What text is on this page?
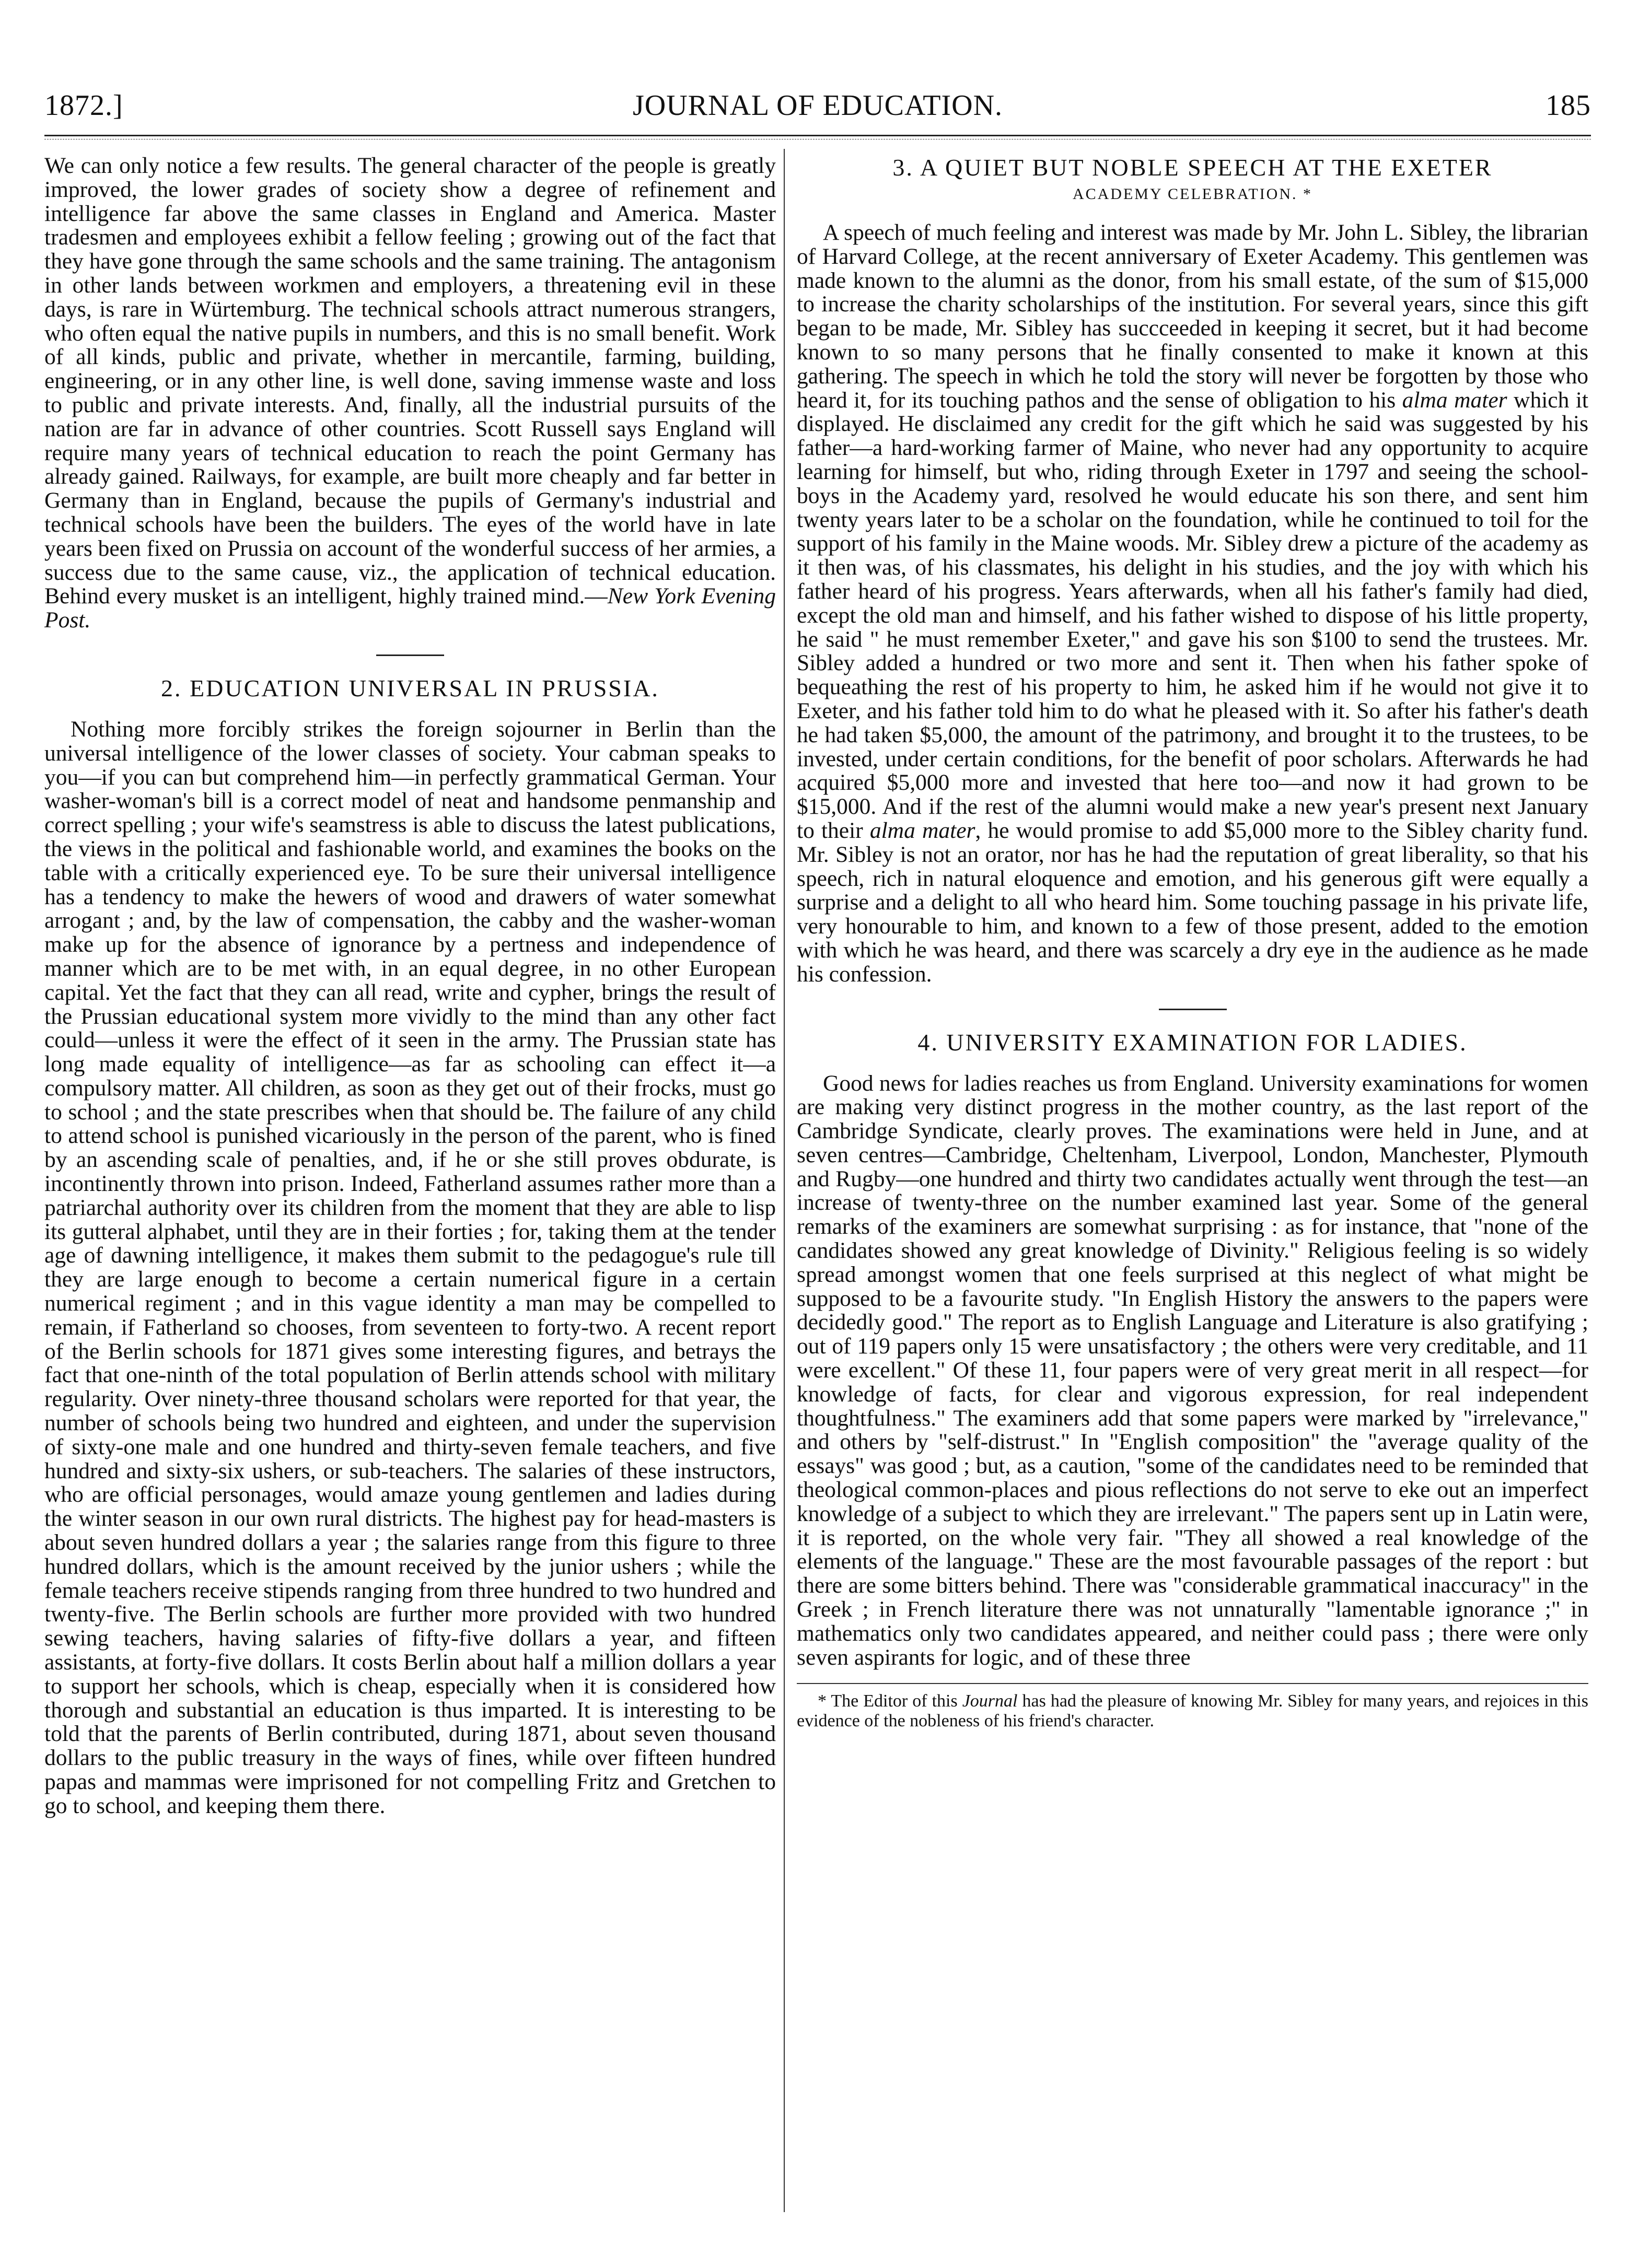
1872.]	JOURNAL OF EDUCATION.	185

We can only notice a few results. The general character of the people is greatly improved, the lower grades of society show a degree of refinement and intelligence far above the same classes in England and America. Master tradesmen and employees exhibit a fellow feeling ; growing out of the fact that they have gone through the same schools and the same training. The antagonism in other lands between workmen and employers, a threatening evil in these days, is rare in Würtemburg. The technical schools attract numerous strangers, who often equal the native pupils in numbers, and this is no small benefit. Work of all kinds, public and private, whether in mercantile, farming, building, engineering, or in any other line, is well done, saving immense waste and loss to public and private interests. And, finally, all the industrial pursuits of the nation are far in advance of other countries. Scott Russell says England will require many years of technical education to reach the point Germany has already gained. Railways, for example, are built more cheaply and far better in Germany than in England, because the pupils of Germany's industrial and technical schools have been the builders. The eyes of the world have in late years been fixed on Prussia on account of the wonderful success of her armies, a success due to the same cause, viz., the application of technical education. Behind every musket is an intelligent, highly trained mind.—New York Evening Post.

2. EDUCATION UNIVERSAL IN PRUSSIA.

Nothing more forcibly strikes the foreign sojourner in Berlin than the universal intelligence of the lower classes of society. Your cabman speaks to you—if you can but comprehend him—in perfectly grammatical German. Your washer-woman's bill is a correct model of neat and handsome penmanship and correct spelling ; your wife's seamstress is able to discuss the latest publications, the views in the political and fashionable world, and examines the books on the table with a critically experienced eye. To be sure their universal intelligence has a tendency to make the hewers of wood and drawers of water somewhat arrogant ; and, by the law of compensation, the cabby and the washer-woman make up for the absence of ignorance by a pertness and independence of manner which are to be met with, in an equal degree, in no other European capital. Yet the fact that they can all read, write and cypher, brings the result of the Prussian educational system more vividly to the mind than any other fact could—unless it were the effect of it seen in the army. The Prussian state has long made equality of intelligence—as far as schooling can effect it—a compulsory matter. All children, as soon as they get out of their frocks, must go to school ; and the state prescribes when that should be. The failure of any child to attend school is punished vicariously in the person of the parent, who is fined by an ascending scale of penalties, and, if he or she still proves obdurate, is incontinently thrown into prison. Indeed, Fatherland assumes rather more than a patriarchal authority over its children from the moment that they are able to lisp its gutteral alphabet, until they are in their forties ; for, taking them at the tender age of dawning intelligence, it makes them submit to the pedagogue's rule till they are large enough to become a certain numerical figure in a certain numerical regiment ; and in this vague identity a man may be compelled to remain, if Fatherland so chooses, from seventeen to forty-two. A recent report of the Berlin schools for 1871 gives some interesting figures, and betrays the fact that one-ninth of the total population of Berlin attends school with military regularity. Over ninety-three thousand scholars were reported for that year, the number of schools being two hundred and eighteen, and under the supervision of sixty-one male and one hundred and thirty-seven female teachers, and five hundred and sixty-six ushers, or sub-teachers. The salaries of these instructors, who are official personages, would amaze young gentlemen and ladies during the winter season in our own rural districts. The highest pay for head-masters is about seven hundred dollars a year ; the salaries range from this figure to three hundred dollars, which is the amount received by the junior ushers ; while the female teachers receive stipends ranging from three hundred to two hundred and twenty-five. The Berlin schools are further more provided with two hundred sewing teachers, having salaries of fifty-five dollars a year, and fifteen assistants, at forty-five dollars. It costs Berlin about half a million dollars a year to support her schools, which is cheap, especially when it is considered how thorough and substantial an education is thus imparted. It is interesting to be told that the parents of Berlin contributed, during 1871, about seven thousand dollars to the public treasury in the ways of fines, while over fifteen hundred papas and mammas were imprisoned for not compelling Fritz and Gretchen to go to school, and keeping them there.

3. A QUIET BUT NOBLE SPEECH AT THE EXETER
ACADEMY CELEBRATION. *

A speech of much feeling and interest was made by Mr. John L. Sibley, the librarian of Harvard College, at the recent anniversary of Exeter Academy. This gentlemen was made known to the alumni as the donor, from his small estate, of the sum of $15,000 to increase the charity scholarships of the institution. For several years, since this gift began to be made, Mr. Sibley has succceeded in keeping it secret, but it had become known to so many persons that he finally consented to make it known at this gathering. The speech in which he told the story will never be forgotten by those who heard it, for its touching pathos and the sense of obligation to his alma mater which it displayed. He disclaimed any credit for the gift which he said was suggested by his father—a hard-working farmer of Maine, who never had any opportunity to acquire learning for himself, but who, riding through Exeter in 1797 and seeing the school-boys in the Academy yard, resolved he would educate his son there, and sent him twenty years later to be a scholar on the foundation, while he continued to toil for the support of his family in the Maine woods. Mr. Sibley drew a picture of the academy as it then was, of his classmates, his delight in his studies, and the joy with which his father heard of his progress. Years afterwards, when all his father's family had died, except the old man and himself, and his father wished to dispose of his little property, he said " he must remember Exeter," and gave his son $100 to send the trustees. Mr. Sibley added a hundred or two more and sent it. Then when his father spoke of bequeathing the rest of his property to him, he asked him if he would not give it to Exeter, and his father told him to do what he pleased with it. So after his father's death he had taken $5,000, the amount of the patrimony, and brought it to the trustees, to be invested, under certain conditions, for the benefit of poor scholars. Afterwards he had acquired $5,000 more and invested that here too—and now it had grown to be $15,000. And if the rest of the alumni would make a new year's present next January to their alma mater, he would promise to add $5,000 more to the Sibley charity fund. Mr. Sibley is not an orator, nor has he had the reputation of great liberality, so that his speech, rich in natural eloquence and emotion, and his generous gift were equally a surprise and a delight to all who heard him. Some touching passage in his private life, very honourable to him, and known to a few of those present, added to the emotion with which he was heard, and there was scarcely a dry eye in the audience as he made his confession.

4. UNIVERSITY EXAMINATION FOR LADIES.

Good news for ladies reaches us from England. University examinations for women are making very distinct progress in the mother country, as the last report of the Cambridge Syndicate, clearly proves. The examinations were held in June, and at seven centres—Cambridge, Cheltenham, Liverpool, London, Manchester, Plymouth and Rugby—one hundred and thirty two candidates actually went through the test—an increase of twenty-three on the number examined last year. Some of the general remarks of the examiners are somewhat surprising : as for instance, that "none of the candidates showed any great knowledge of Divinity." Religious feeling is so widely spread amongst women that one feels surprised at this neglect of what might be supposed to be a favourite study. "In English History the answers to the papers were decidedly good." The report as to English Language and Literature is also gratifying ; out of 119 papers only 15 were unsatisfactory ; the others were very creditable, and 11 were excellent." Of these 11, four papers were of very great merit in all respect—for knowledge of facts, for clear and vigorous expression, for real independent thoughtfulness." The examiners add that some papers were marked by "irrelevance," and others by "self-distrust." In "English composition" the "average quality of the essays" was good ; but, as a caution, "some of the candidates need to be reminded that theological common-places and pious reflections do not serve to eke out an imperfect knowledge of a subject to which they are irrelevant." The papers sent up in Latin were, it is reported, on the whole very fair. "They all showed a real knowledge of the elements of the language." These are the most favourable passages of the report : but there are some bitters behind. There was "considerable grammatical inaccuracy" in the Greek ; in French literature there was not unnaturally "lamentable ignorance ;" in mathematics only two candidates appeared, and neither could pass ; there were only seven aspirants for logic, and of these three

* The Editor of this Journal has had the pleasure of knowing Mr. Sibley for many years, and rejoices in this evidence of the nobleness of his friend's character.
